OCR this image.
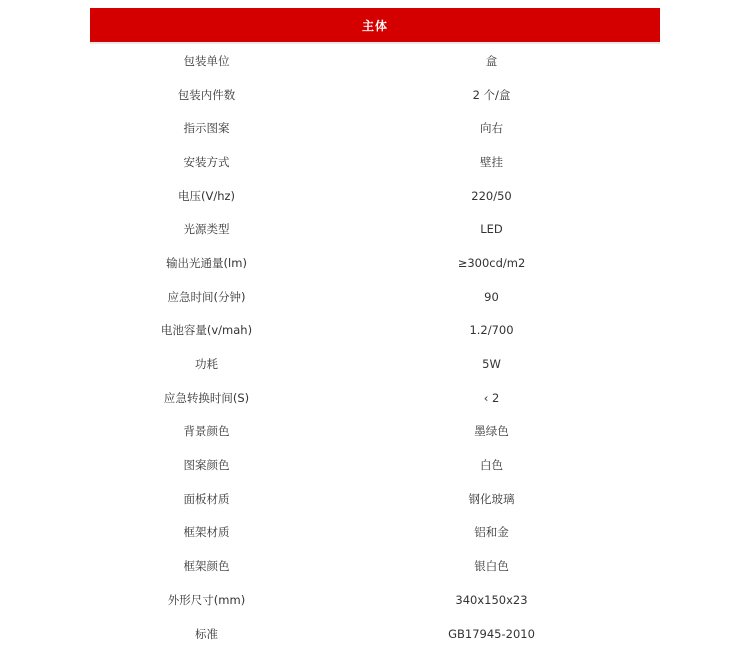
主体
包装单位	盒
包装内件数	2 个/盒
指示图案	向右
安装方式	壁挂
电压(V/hz)	220/50
光源类型	LED
输出光通量(lm)	≥300cd/m2
应急时间(分钟)	90
电池容量(v/mah)	1.2/700
功耗	5W
应急转换时间(S)	‹ 2
背景颜色	墨绿色
图案颜色	白色
面板材质	钢化玻璃
框架材质	铝和金
框架颜色	银白色
外形尺寸(mm)	340x150x23
标准	GB17945-2010
